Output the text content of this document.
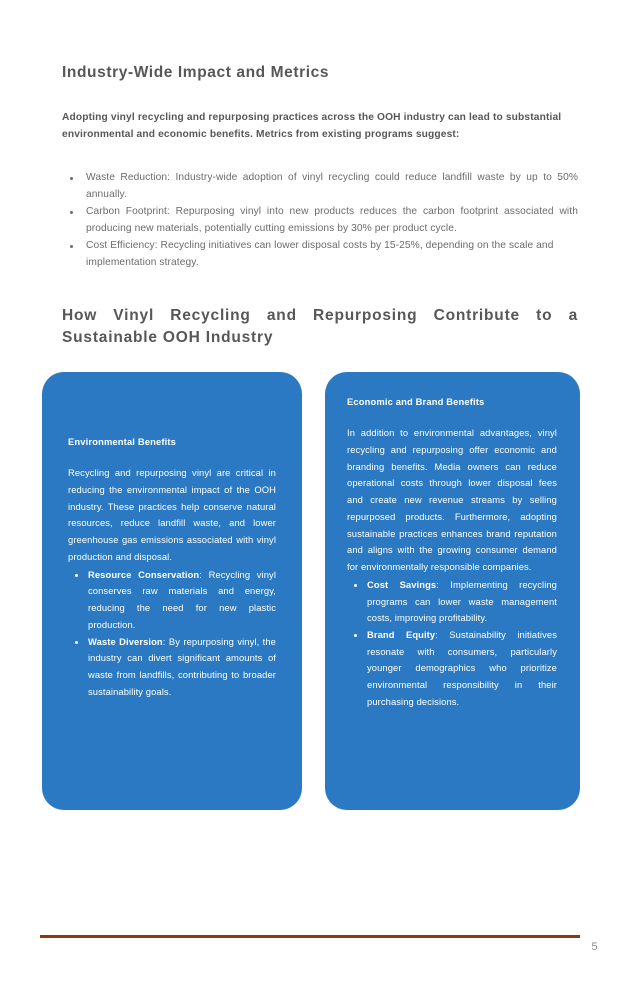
Industry-Wide Impact and Metrics

Adopting vinyl recycling and repurposing practices across the OOH industry can lead to substantial environmental and economic benefits. Metrics from existing programs suggest:

Waste Reduction: Industry-wide adoption of vinyl recycling could reduce landfill waste by up to 50% annually.
Carbon Footprint: Repurposing vinyl into new products reduces the carbon footprint associated with producing new materials, potentially cutting emissions by 30% per product cycle.
Cost Efficiency: Recycling initiatives can lower disposal costs by 15-25%, depending on the scale and implementation strategy.
How Vinyl Recycling and Repurposing Contribute to a
Sustainable OOH Industry
Environmental Benefits

Recycling and repurposing vinyl are critical in reducing the environmental impact of the OOH industry. These practices help conserve natural resources, reduce landfill waste, and lower greenhouse gas emissions associated with vinyl production and disposal.

Resource Conservation: Recycling vinyl conserves raw materials and energy, reducing the need for new plastic production.
Waste Diversion: By repurposing vinyl, the industry can divert significant amounts of waste from landfills, contributing to broader sustainability goals.
Economic and Brand Benefits

In addition to environmental advantages, vinyl recycling and repurposing offer economic and branding benefits. Media owners can reduce operational costs through lower disposal fees and create new revenue streams by selling repurposed products. Furthermore, adopting sustainable practices enhances brand reputation and aligns with the growing consumer demand for environmentally responsible companies.

Cost Savings: Implementing recycling programs can lower waste management costs, improving profitability.
Brand Equity: Sustainability initiatives resonate with consumers, particularly younger demographics who prioritize environmental responsibility in their purchasing decisions.
5
